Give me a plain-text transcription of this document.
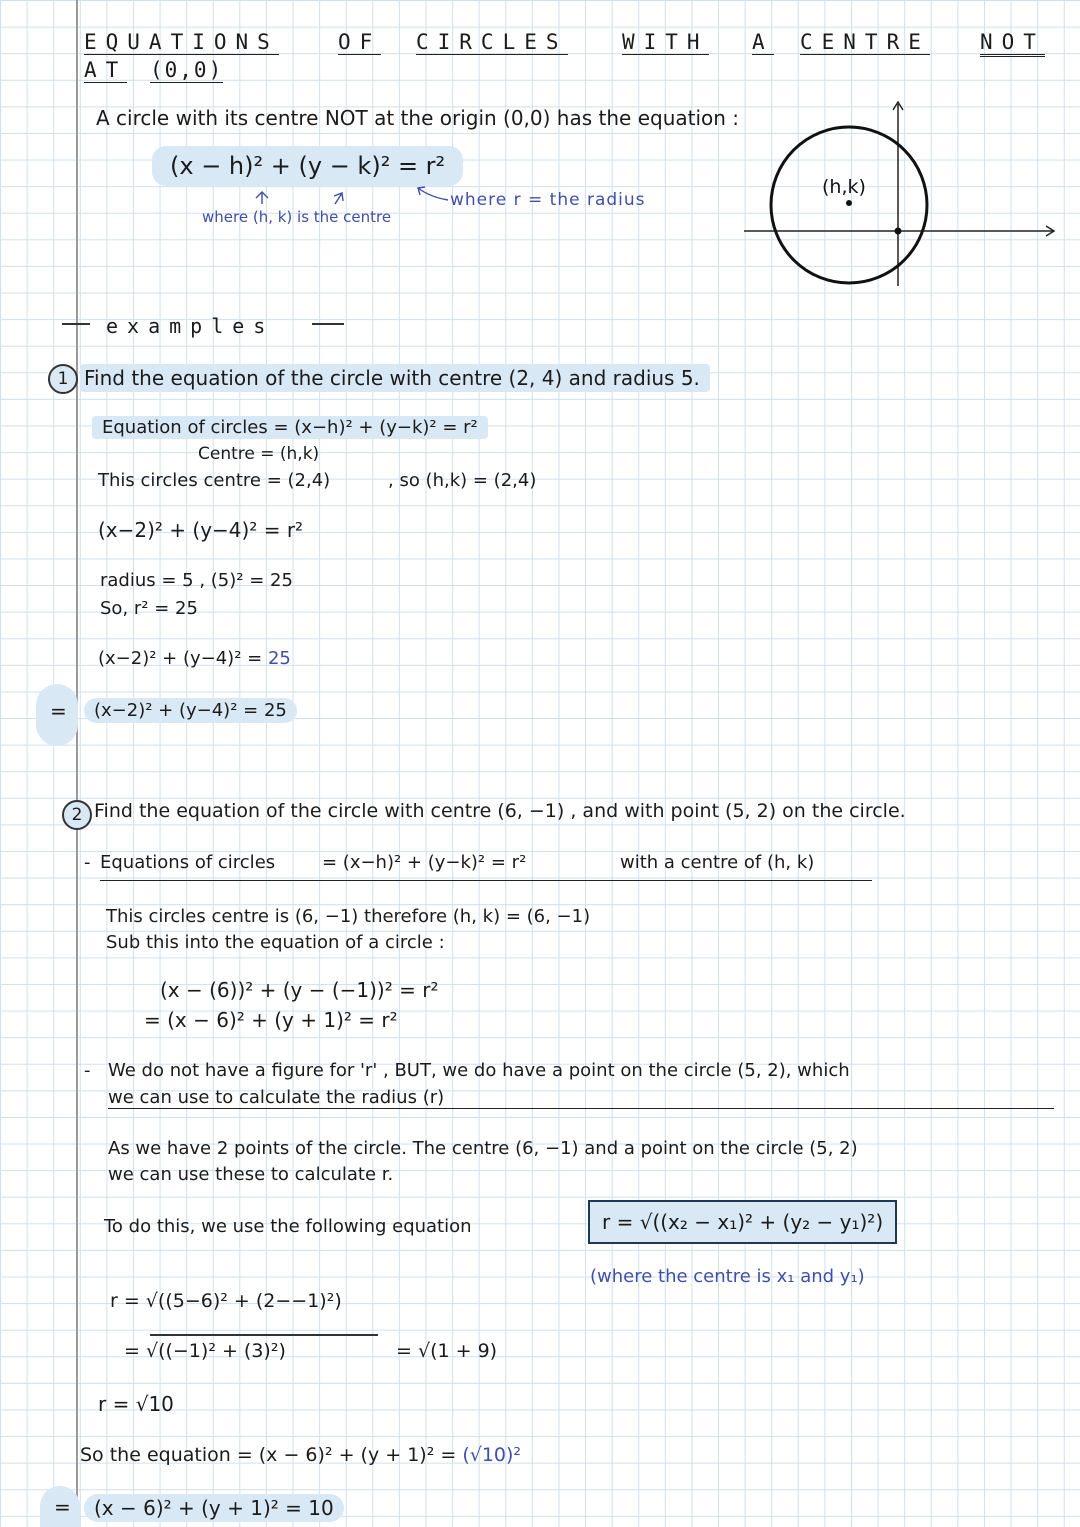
EQUATIONS	OF CIRCLES	WITH A CENTRE NOT
AT (0,0)
A circle with its centre NOT at the origin (0,0) has the equation :
(x − h)² + (y − k)² = r²
where r = the radius
where (h, k) is the centre
(h,k)
examples
1 Find the equation of the circle with centre (2, 4) and radius 5.
Equation of circles = (x−h)² + (y−k)² = r²
Centre = (h,k)
This circles centre = (2,4)	, so (h,k) = (2,4)
(x−2)² + (y−4)² = r²
radius = 5 , (5)² = 25
So, r² = 25
(x−2)² + (y−4)² = 25
=	(x−2)² + (y−4)² = 25
2 Find the equation of the circle with centre (6, −1) , and with point (5, 2) on the circle.
- Equations of circles	= (x−h)² + (y−k)² = r²	with a centre of (h, k)
This circles centre is (6, −1) therefore (h, k) = (6, −1)
Sub this into the equation of a circle :
(x − (6))² + (y − (−1))² = r²
= (x − 6)² + (y + 1)² = r²
- We do not have a figure for 'r' , BUT, we do have a point on the circle (5, 2), which
we can use to calculate the radius (r)
As we have 2 points of the circle. The centre (6, −1) and a point on the circle (5, 2)
we can use these to calculate r.
To do this, we use the following equation	r = √((x₂ − x₁)² + (y₂ − y₁)²)
(where the centre is x₁ and y₁)
r = √((5−6)² + (2−−1)²)
= √((−1)² + (3)²)	= √(1 + 9)
r = √10
So the equation = (x − 6)² + (y + 1)² = (√10)²
=	(x − 6)² + (y + 1)² = 10
